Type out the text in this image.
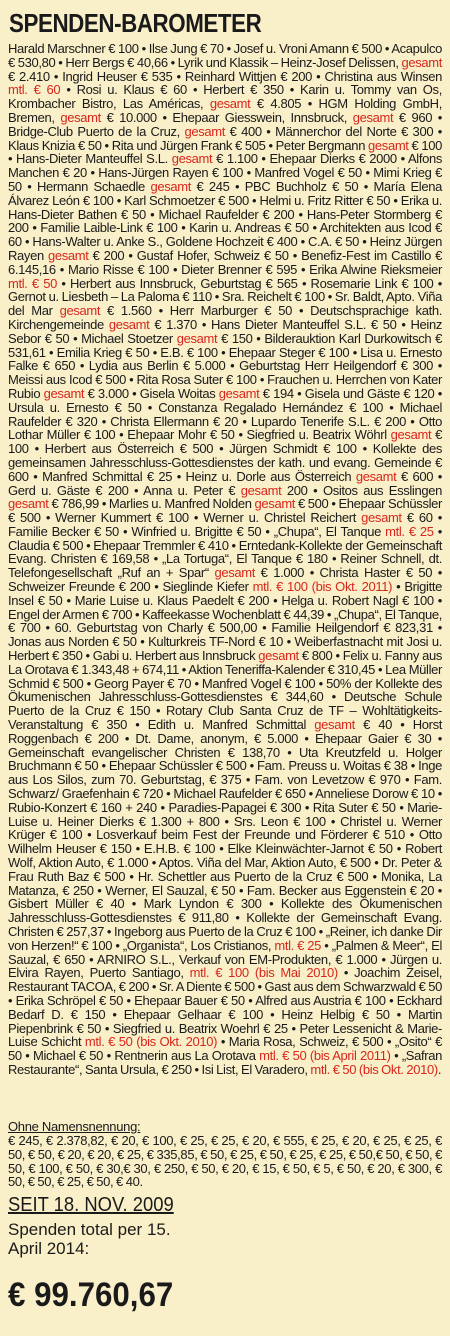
SPENDEN-BAROMETER
Harald Marschner € 100 • Ilse Jung € 70 • Josef u. Vroni Amann € 500 • Acapulco € 530,80 • Herr Bergs € 40,66 • Lyrik und Klassik – Heinz-Josef Delissen, gesamt € 2.410 • Ingrid Heuser € 535 • Reinhard Wittjen € 200 • Christina aus Winsen mtl. € 60 • Rosi u. Klaus € 60 • Herbert € 350 • Karin u. Tommy van Os, Krombacher Bistro, Las Américas, gesamt € 4.805 • HGM Holding GmbH, Bremen, gesamt € 10.000 • Ehepaar Giesswein, Innsbruck, gesamt € 960 • Bridge-Club Puerto de la Cruz, gesamt € 400 • Männerchor del Norte € 300 • Klaus Knizia € 50 • Rita und Jürgen Frank € 505 • Peter Bergmann gesamt € 100 • Hans-Dieter Manteuffel S.L. gesamt € 1.100 • Ehepaar Dierks € 2000 • Alfons Manchen € 20 • Hans-Jürgen Rayen € 100 • Manfred Vogel € 50 • Mimi Krieg € 50 • Hermann Schaedle gesamt € 245 • PBC Buchholz € 50 • María Elena Álvarez León € 100 • Karl Schmoetzer € 500 • Helmi u. Fritz Ritter € 50 • Erika u. Hans-Dieter Bathen € 50 • Michael Raufelder € 200 • Hans-Peter Stormberg € 200 • Familie Laible-Link € 100 • Karin u. Andreas € 50 • Architekten aus Icod € 60 • Hans-Walter u. Anke S., Goldene Hochzeit € 400 • C.A. € 50 • Heinz Jürgen Rayen gesamt € 200 • Gustaf Hofer, Schweiz € 50 • Benefiz-Fest im Castillo € 6.145,16 • Mario Risse € 100 • Dieter Brenner € 595 • Erika Alwine Rieksmeier mtl. € 50 • Herbert aus Innsbruck, Geburtstag € 565 • Rosemarie Link € 100 • Gernot u. Liesbeth – La Paloma € 110 • Sra. Reichelt € 100 • Sr. Baldt, Apto. Viña del Mar gesamt € 1.560 • Herr Marburger € 50 • Deutschsprachige kath. Kirchengemeinde gesamt € 1.370 • Hans Dieter Manteuffel S.L. € 50 • Heinz Sebor € 50 • Michael Stoetzer gesamt € 150 • Bilderauktion Karl Durkowitsch € 531,61 • Emilia Krieg € 50 • E.B. € 100 • Ehepaar Steger € 100 • Lisa u. Ernesto Falke € 650 • Lydia aus Berlin € 5.000 • Geburtstag Herr Heilgendorf € 300 • Meissi aus Icod € 500 • Rita Rosa Suter € 100 • Frauchen u. Herrchen von Kater Rubio gesamt € 3.000 • Gisela Woitas gesamt € 194 • Gisela und Gäste € 120 • Ursula u. Ernesto € 50 • Constanza Regalado Hernández € 100 • Michael Raufelder € 320 • Christa Ellermann € 20 • Lupardo Tenerife S.L. € 200 • Otto Lothar Müller € 100 • Ehepaar Mohr € 50 • Siegfried u. Beatrix Wöhrl gesamt € 100 • Herbert aus Österreich € 500 • Jürgen Schmidt € 100 • Kollekte des gemeinsamen Jahresschluss-Gottesdienstes der kath. und evang. Gemeinde € 600 • Manfred Schmittal € 25 • Heinz u. Dorle aus Österreich gesamt € 600 • Gerd u. Gäste € 200 • Anna u. Peter € gesamt 200 • Ositos aus Esslingen gesamt € 786,99 • Marlies u. Manfred Nolden gesamt € 500 • Ehepaar Schüssler € 500 • Werner Kummert € 100 • Werner u. Christel Reichert gesamt € 60 • Familie Becker € 50 • Winfried u. Brigitte € 50 • „Chupa“, El Tanque mtl. € 25 • Claudia € 500 • Ehepaar Tremmler € 410 • Erntedank-Kollekte der Gemeinschaft Evang. Christen € 169,58 • „La Tortuga“, El Tanque € 180 • Reiner Schnell, dt. Telefongesellschaft „Ruf an + Spar“ gesamt € 1.000 • Christa Haster € 50 • Schweizer Freunde € 200 • Sieglinde Kiefer mtl. € 100 (bis Okt. 2011) • Brigitte Insel € 50 • Marie Luise u. Klaus Paedelt € 200 • Helga u. Robert Nagl € 100 • Engel der Armen € 700 • Kaffeekasse Wochenblatt € 44,39 • „Chupa“, El Tanque, € 700 • 60. Geburtstag von Charly € 500,00 • Familie Heilgendorf € 823,31 • Jonas aus Norden € 50 • Kulturkreis TF-Nord € 10 • Weiberfastnacht mit Josi u. Herbert € 350 • Gabi u. Herbert aus Innsbruck gesamt € 800 • Felix u. Fanny aus La Orotava € 1.343,48 + 674,11 • Aktion Teneriffa-Kalender € 310,45 • Lea Müller Schmid € 500 • Georg Payer € 70 • Manfred Vogel € 100 • 50% der Kollekte des Ökumenischen Jahresschluss-Gottesdienstes € 344,60 • Deutsche Schule Puerto de la Cruz € 150 • Rotary Club Santa Cruz de TF – Wohltätigkeits-Veranstaltung € 350 • Edith u. Manfred Schmittal gesamt € 40 • Horst Roggenbach € 200 • Dt. Dame, anonym, € 5.000 • Ehepaar Gaier € 30 • Gemeinschaft evangelischer Christen € 138,70 • Uta Kreutzfeld u. Holger Bruchmann € 50 • Ehepaar Schüssler € 500 • Fam. Preuss u. Woitas € 38 • Inge aus Los Silos, zum 70. Geburtstag, € 375 • Fam. von Levetzow € 970 • Fam. Schwarz/ Graefenhain € 720 • Michael Raufelder € 650 • Anneliese Dorow € 10 • Rubio-Konzert € 160 + 240 • Paradies-Papagei € 300 • Rita Suter € 50 • Marie-Luise u. Heiner Dierks € 1.300 + 800 • Srs. Leon € 100 • Christel u. Werner Krüger € 100 • Losverkauf beim Fest der Freunde und Förderer € 510 • Otto Wilhelm Heuser € 150 • E.H.B. € 100 • Elke Kleinwächter-Jarnot € 50 • Robert Wolf, Aktion Auto, € 1.000 • Aptos. Viña del Mar, Aktion Auto, € 500 • Dr. Peter & Frau Ruth Baz € 500 • Hr. Schettler aus Puerto de la Cruz € 500 • Monika, La Matanza, € 250 • Werner, El Sauzal, € 50 • Fam. Becker aus Eggenstein € 20 • Gisbert Müller € 40 • Mark Lyndon € 300 • Kollekte des Ökumenischen Jahresschluss-Gottesdienstes € 911,80 • Kollekte der Gemeinschaft Evang. Christen € 257,37 • Ingeborg aus Puerto de la Cruz € 100 • „Reiner, ich danke Dir von Herzen!“ € 100 • „Organista“, Los Cristianos, mtl. € 25 • „Palmen & Meer“, El Sauzal, € 650 • ARNIRO S.L., Verkauf von EM-Produkten, € 1.000 • Jürgen u. Elvira Rayen, Puerto Santiago, mtl. € 100 (bis Mai 2010) • Joachim Zeisel, Restaurant TACOA, € 200 • Sr. A Diente € 500 • Gast aus dem Schwarzwald € 50 • Erika Schröpel € 50 • Ehepaar Bauer € 50 • Alfred aus Austria € 100 • Eckhard Bedarf D. € 150 • Ehepaar Gelhaar € 100 • Heinz Helbig € 50 • Martin Piepenbrink € 50 • Siegfried u. Beatrix Woehrl € 25 • Peter Lessenicht & Marie-Luise Schicht mtl. € 50 (bis Okt. 2010) • Maria Rosa, Schweiz, € 500 • „Osito“ € 50 • Michael € 50 • Rentnerin aus La Orotava mtl. € 50 (bis April 2011) • „Safran Restaurante“, Santa Ursula, € 250 • Isi List, El Varadero, mtl. € 50 (bis Okt. 2010).
Ohne Namensnennung:
€ 245, € 2.378,82, € 20, € 100, € 25, € 25, € 20, € 555, € 25, € 20, € 25, € 25, € 50, € 50, € 20, € 20, € 25, € 335,85, € 50, € 25, € 50, € 25, € 25, € 50,€ 50, € 50, € 50, € 100, € 50, € 30,€ 30, € 250, € 50, € 20, € 15, € 50, € 5, € 50, € 20, € 300, € 50, € 50, € 25, € 50, € 40.
SEIT 18. NOV. 2009
Spenden total per 15. April 2014:
€ 99.760,67
